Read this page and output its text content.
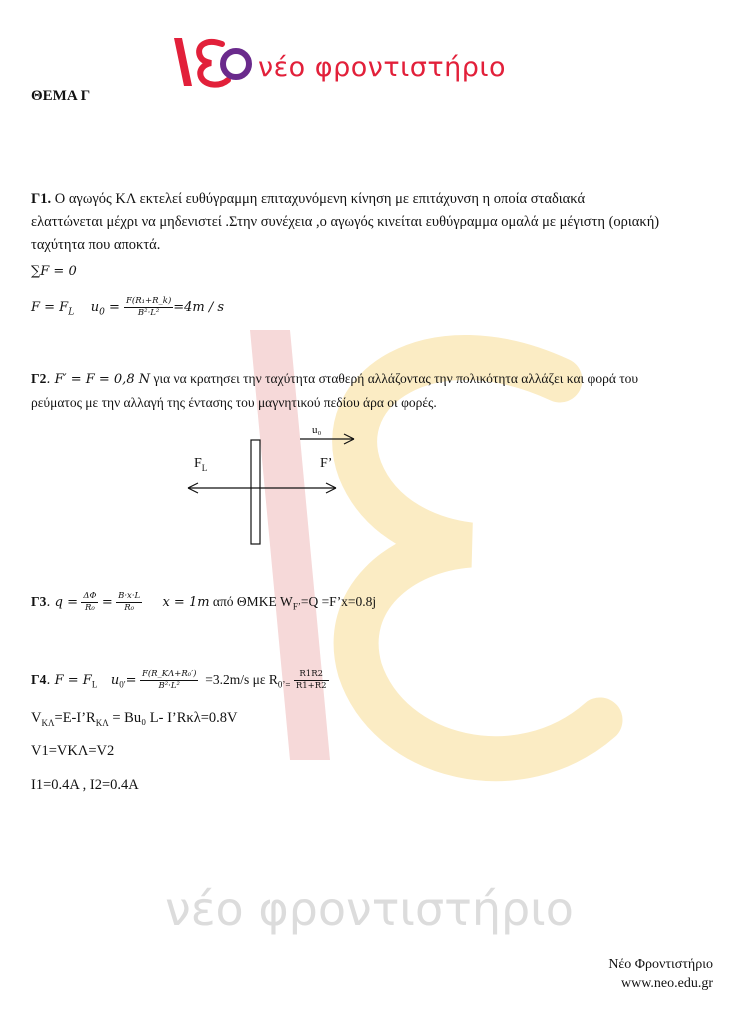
νέο φροντιστήριο
νέο φροντιστήριο
ΘΕΜΑ Γ
Γ1. Ο αγωγός ΚΛ εκτελεί ευθύγραμμη επιταχυνόμενη κίνηση με επιτάχυνση η οποία σταδιακά
ελαττώνεται μέχρι να μηδενιστεί .Στην συνέχεια ,ο αγωγός κινείται ευθύγραμμα ομαλά με μέγιστη (οριακή)
ταχύτητα που αποκτά.
∑F = 0
$F = F_L$ $u_0 = \frac{\text{F(R₁+R\_k)}}{\text{B²·L²}} =4m / s$
Γ2. F′ = F = 0,8 N για να κρατησει την ταχύτητα σταθερή αλλάζοντας την πολικότητα αλλάζει και φορά του
ρεύματος με την αλλαγή της έντασης του μαγνητικού πεδίου άρα οι φορές.
u₀
$F_L$	F’
Γ3. $q = \frac{\Delta\Phi}{\text{R₀}} = \frac{B\cdot x\cdot L}{\text{R₀}}$ x = 1m από ΘΜΚΕ $W_{F’}=Q$ =F’x=0.8j
Γ4. $F = F_L$ $u_{0'}= \frac{\text{F(R\_KΛ+R₀′)}}{\text{B²·L²}} =3.2m/s$ με $R_{0’=} \frac{R1R2}{R1+R2}$
$V_{K\Lambda}=E-I’R_{K\Lambda} = Bu_0$ L- I’Rκλ=0.8V
V1=VKΛ=V2
I1=0.4A , I2=0.4A
Νέο Φροντιστήριο
www.neo.edu.gr
